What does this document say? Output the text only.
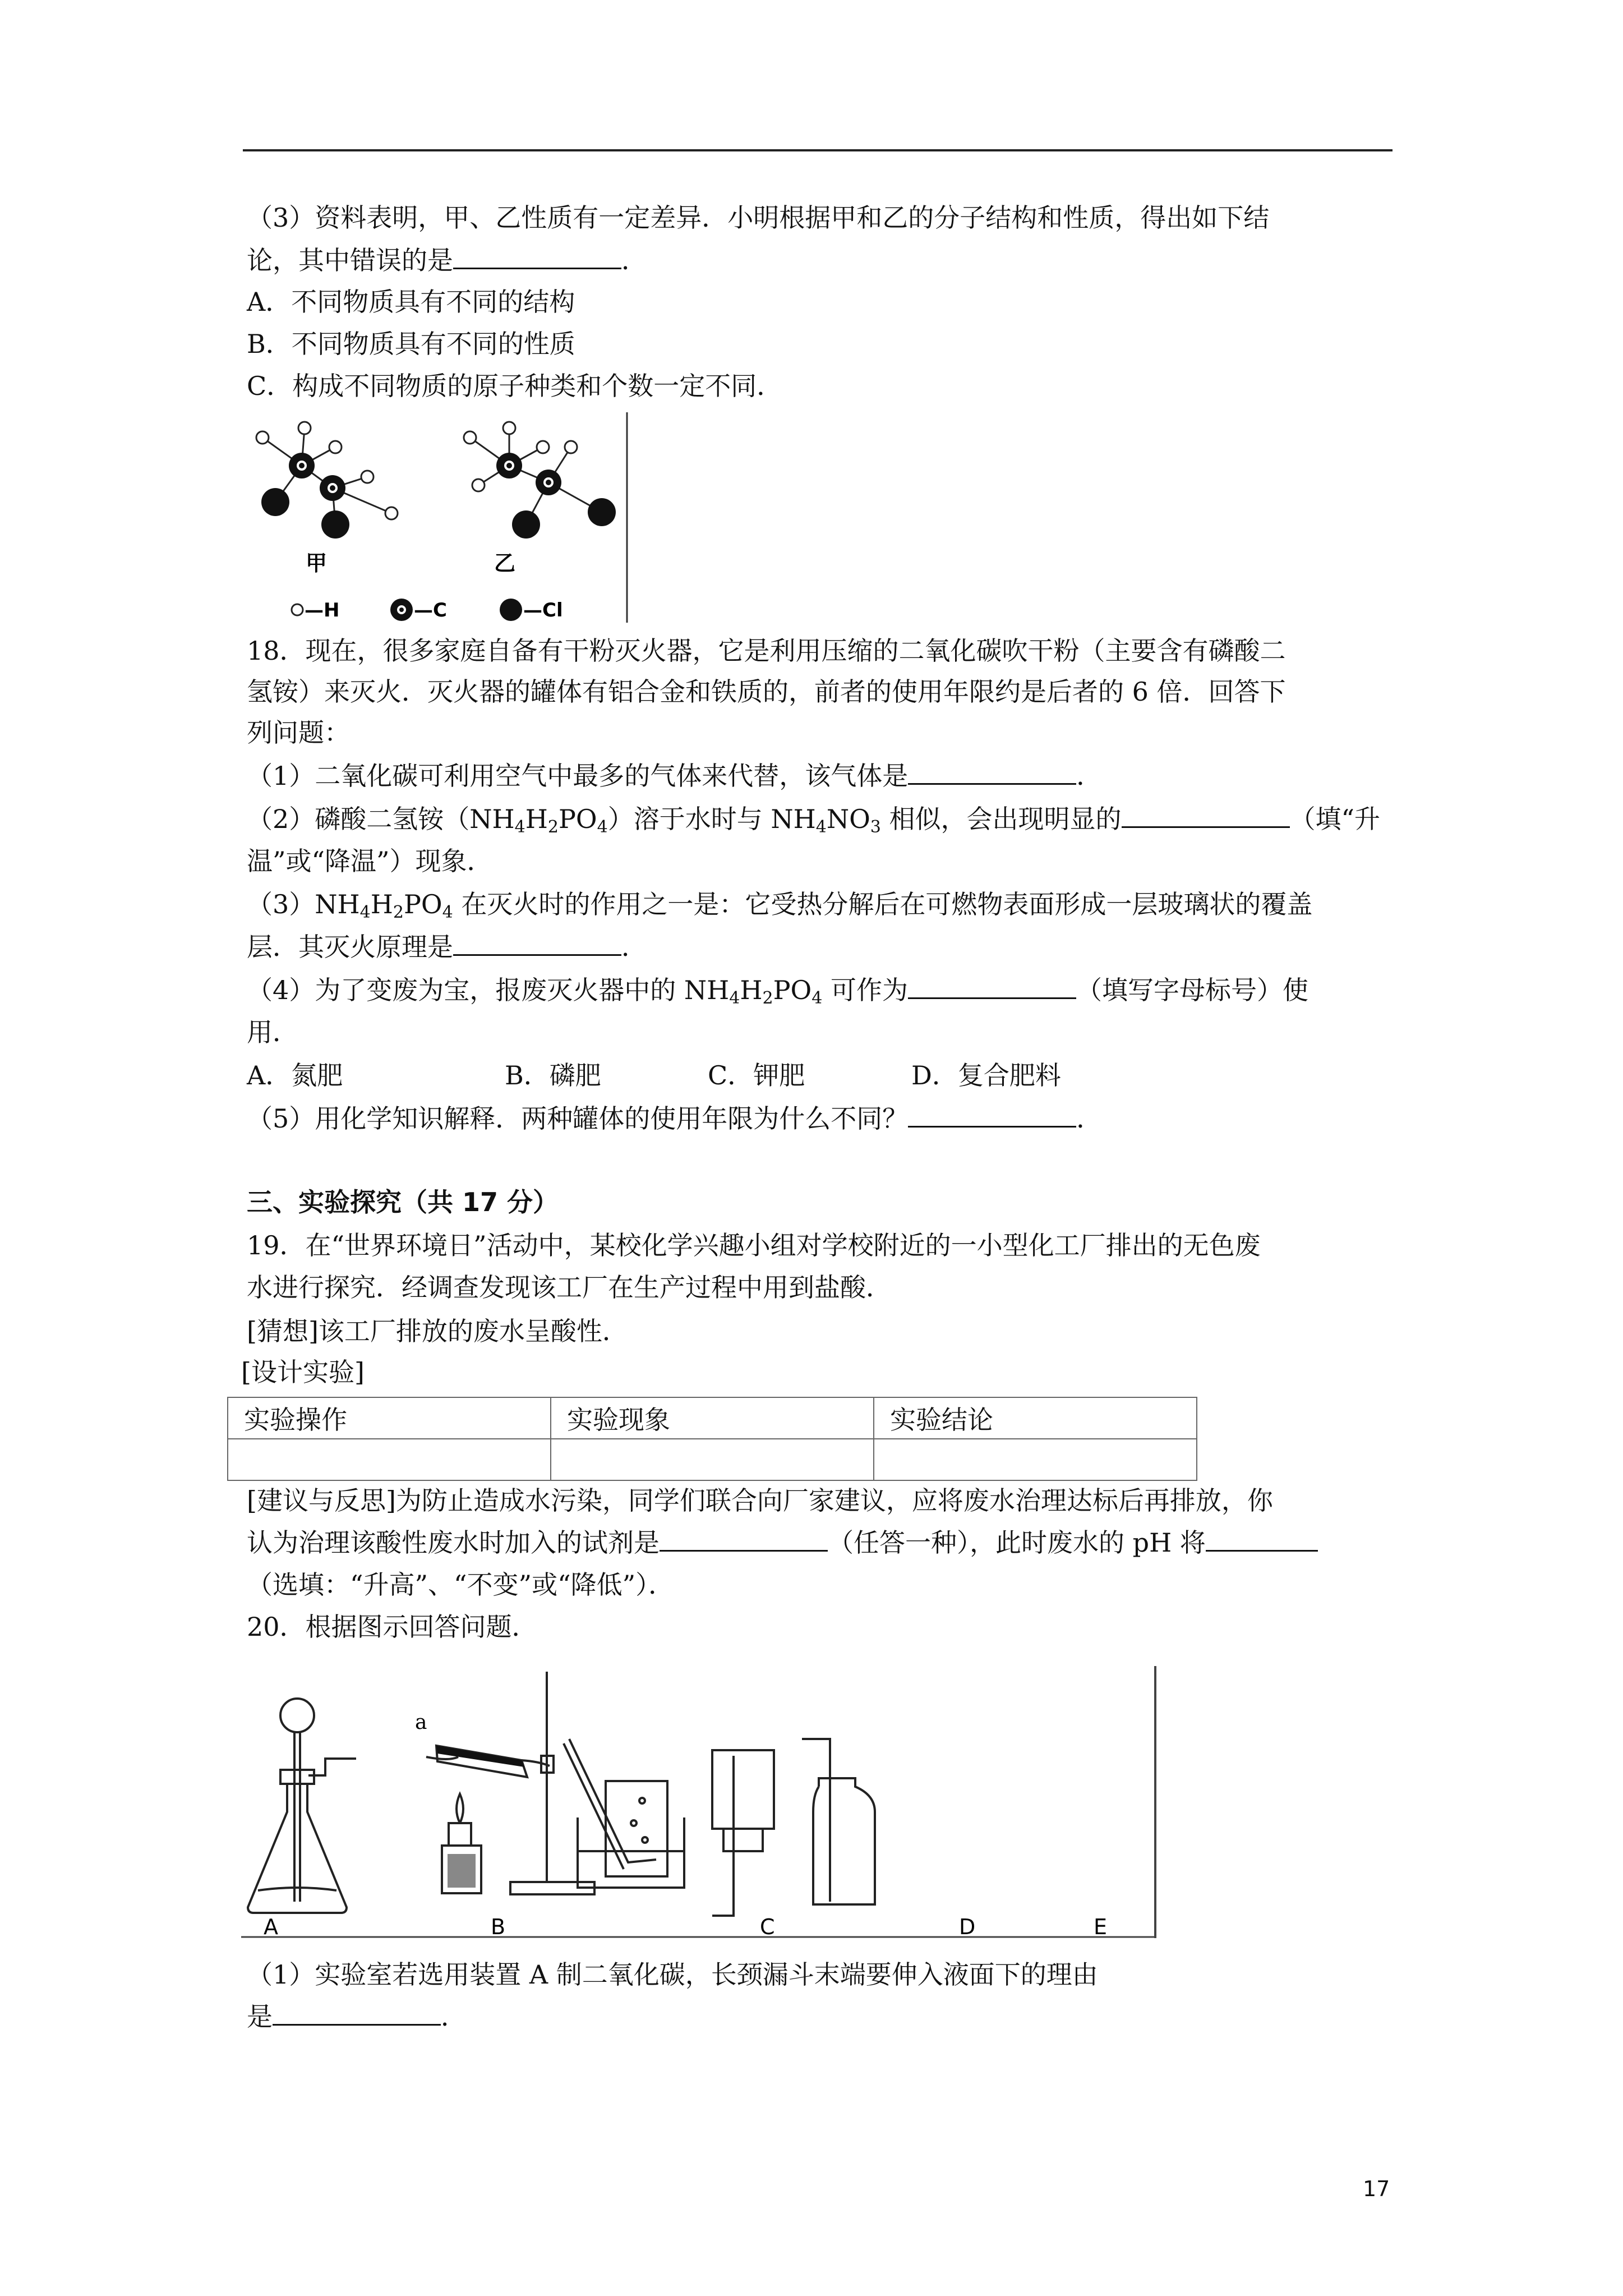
（3）资料表明，甲、乙性质有一定差异．小明根据甲和乙的分子结构和性质，得出如下结
论，其中错误的是	．
A．不同物质具有不同的结构
B．不同物质具有不同的性质
C．构成不同物质的原子种类和个数一定不同．
甲	乙
—H	—C	—Cl
18．现在，很多家庭自备有干粉灭火器，它是利用压缩的二氧化碳吹干粉（主要含有磷酸二
氢铵）来灭火．灭火器的罐体有铝合金和铁质的，前者的使用年限约是后者的 6 倍．回答下
列问题：
（1）二氧化碳可利用空气中最多的气体来代替，该气体是	．
（2）磷酸二氢铵$(NH_4H_2PO_4)$溶于水时与 $NH_4NO_3$ 相似，会出现明显的	（填“升
温”或“降温”）现象．
$(3)NH_4H_2PO_4$ 在灭火时的作用之一是：它受热分解后在可燃物表面形成一层玻璃状的覆盖
层．其灭火原理是	．
（4）为了变废为宝，报废灭火器中的 $NH_4H_2PO_4$ 可作为	（填写字母标号）使
用．
A．氮肥	B．磷肥	C．钾肥	D．复合肥料
（5）用化学知识解释．两种罐体的使用年限为什么不同？	．
三、实验探究（共 17 分）
19．在“世界环境日”活动中，某校化学兴趣小组对学校附近的一小型化工厂排出的无色废
水进行探究．经调查发现该工厂在生产过程中用到盐酸．
[猜想]该工厂排放的废水呈酸性．
[设计实验]
实验操作	实验现象	实验结论

[建议与反思]为防止造成水污染，同学们联合向厂家建议，应将废水治理达标后再排放，你
认为治理该酸性废水时加入的试剂是	（任答一种），此时废水的 pH 将
（选填：“升高”、“不变”或“降低”）．
20．根据图示回答问题．
a
A	B	C	D	E
（1）实验室若选用装置 A 制二氧化碳，长颈漏斗末端要伸入液面下的理由
是	．
17
